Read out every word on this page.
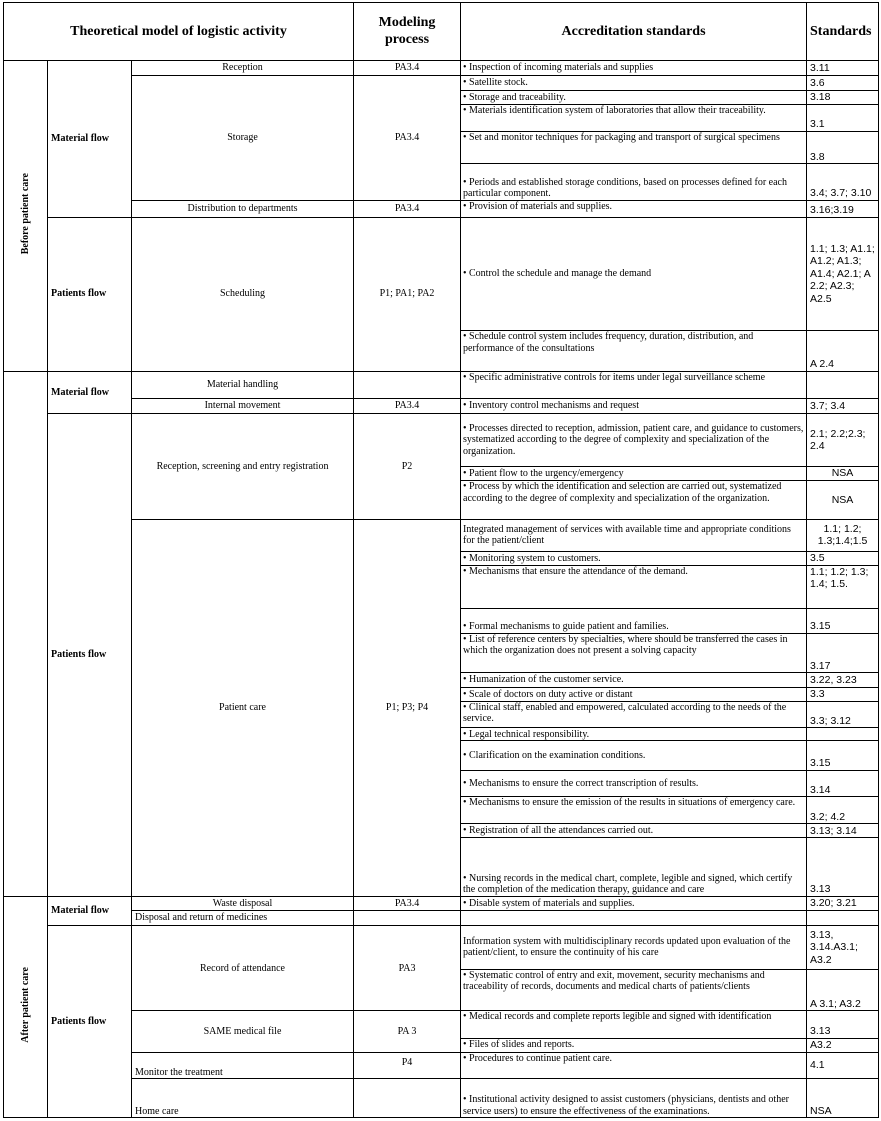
Theoretical model of logistic activity			Modeling process	Accreditation standards	Standards
Before patient care	Material flow	Reception	PA3.4	• Inspection of incoming materials and supplies	3.11
		Storage	PA3.4	• Satellite stock.	3.6
				• Storage and traceability.	3.18
				• Materials identification system of laboratories that allow their traceability.	3.1
				• Set and monitor techniques for packaging and transport of surgical specimens	3.8
				• Periods and established storage conditions, based on processes defined for each particular component.	3.4; 3.7; 3.10
		Distribution to departments	PA3.4	• Provision of materials and supplies.	3.16;3.19
	Patients flow	Scheduling	P1; PA1; PA2	• Control the schedule and manage the demand	1.1; 1.3; A1.1; A1.2; A1.3; A1.4; A2.1; A 2.2; A2.3; A2.5
				• Schedule control system includes frequency, duration, distribution, and performance of the consultations	A 2.4
	Material flow	Material handling		• Specific administrative controls for items under legal surveillance scheme	
		Internal movement	PA3.4	• Inventory control mechanisms and request	3.7; 3.4
	Patients flow	Reception, screening and entry registration	P2	• Processes directed to reception, admission, patient care, and guidance to customers, systematized according to the degree of complexity and specialization of the organization.	2.1; 2.2;2.3; 2.4
				• Patient flow to the urgency/emergency	NSA
				• Process by which the identification and selection are carried out, systematized according to the degree of complexity and specialization of the organization.	NSA
		Patient care	P1; P3; P4	Integrated management of services with available time and appropriate conditions for the patient/client	1.1; 1.2; 1.3;1.4;1.5
				• Monitoring system to customers.	3.5
				• Mechanisms that ensure the attendance of the demand.	1.1; 1.2; 1.3; 1.4; 1.5.
				• Formal mechanisms to guide patient and families.	3.15
				• List of reference centers by specialties, where should be transferred the cases in which the organization does not present a solving capacity	3.17
				• Humanization of the customer service.	3.22, 3.23
				• Scale of doctors on duty active or distant	3.3
				• Clinical staff, enabled and empowered, calculated according to the needs of the service.	3.3; 3.12
				• Legal technical responsibility.	
				• Clarification on the examination conditions.	3.15
				• Mechanisms to ensure the correct transcription of results.	3.14
				• Mechanisms to ensure the emission of the results in situations of emergency care.	3.2; 4.2
				• Registration of all the attendances carried out.	3.13; 3.14
				• Nursing records in the medical chart, complete, legible and signed, which certify the completion of the medication therapy, guidance and care	3.13
After patient care	Material flow	Waste disposal	PA3.4	• Disable system of materials and supplies.	3.20; 3.21
		Disposal and return of medicines			
	Patients flow	Record of attendance	PA3	Information system with multidisciplinary records updated upon evaluation of the patient/client, to ensure the continuity of his care	3.13, 3.14.A3.1; A3.2
				• Systematic control of entry and exit, movement, security mechanisms and traceability of records, documents and medical charts of patients/clients	A 3.1; A3.2
		SAME medical file	PA 3	• Medical records and complete reports legible and signed with identification	3.13
				• Files of slides and reports.	A3.2
		Monitor the treatment	P4	• Procedures to continue patient care.	4.1
		Home care		• Institutional activity designed to assist customers (physicians, dentists and other service users) to ensure the effectiveness of the examinations.	NSA
